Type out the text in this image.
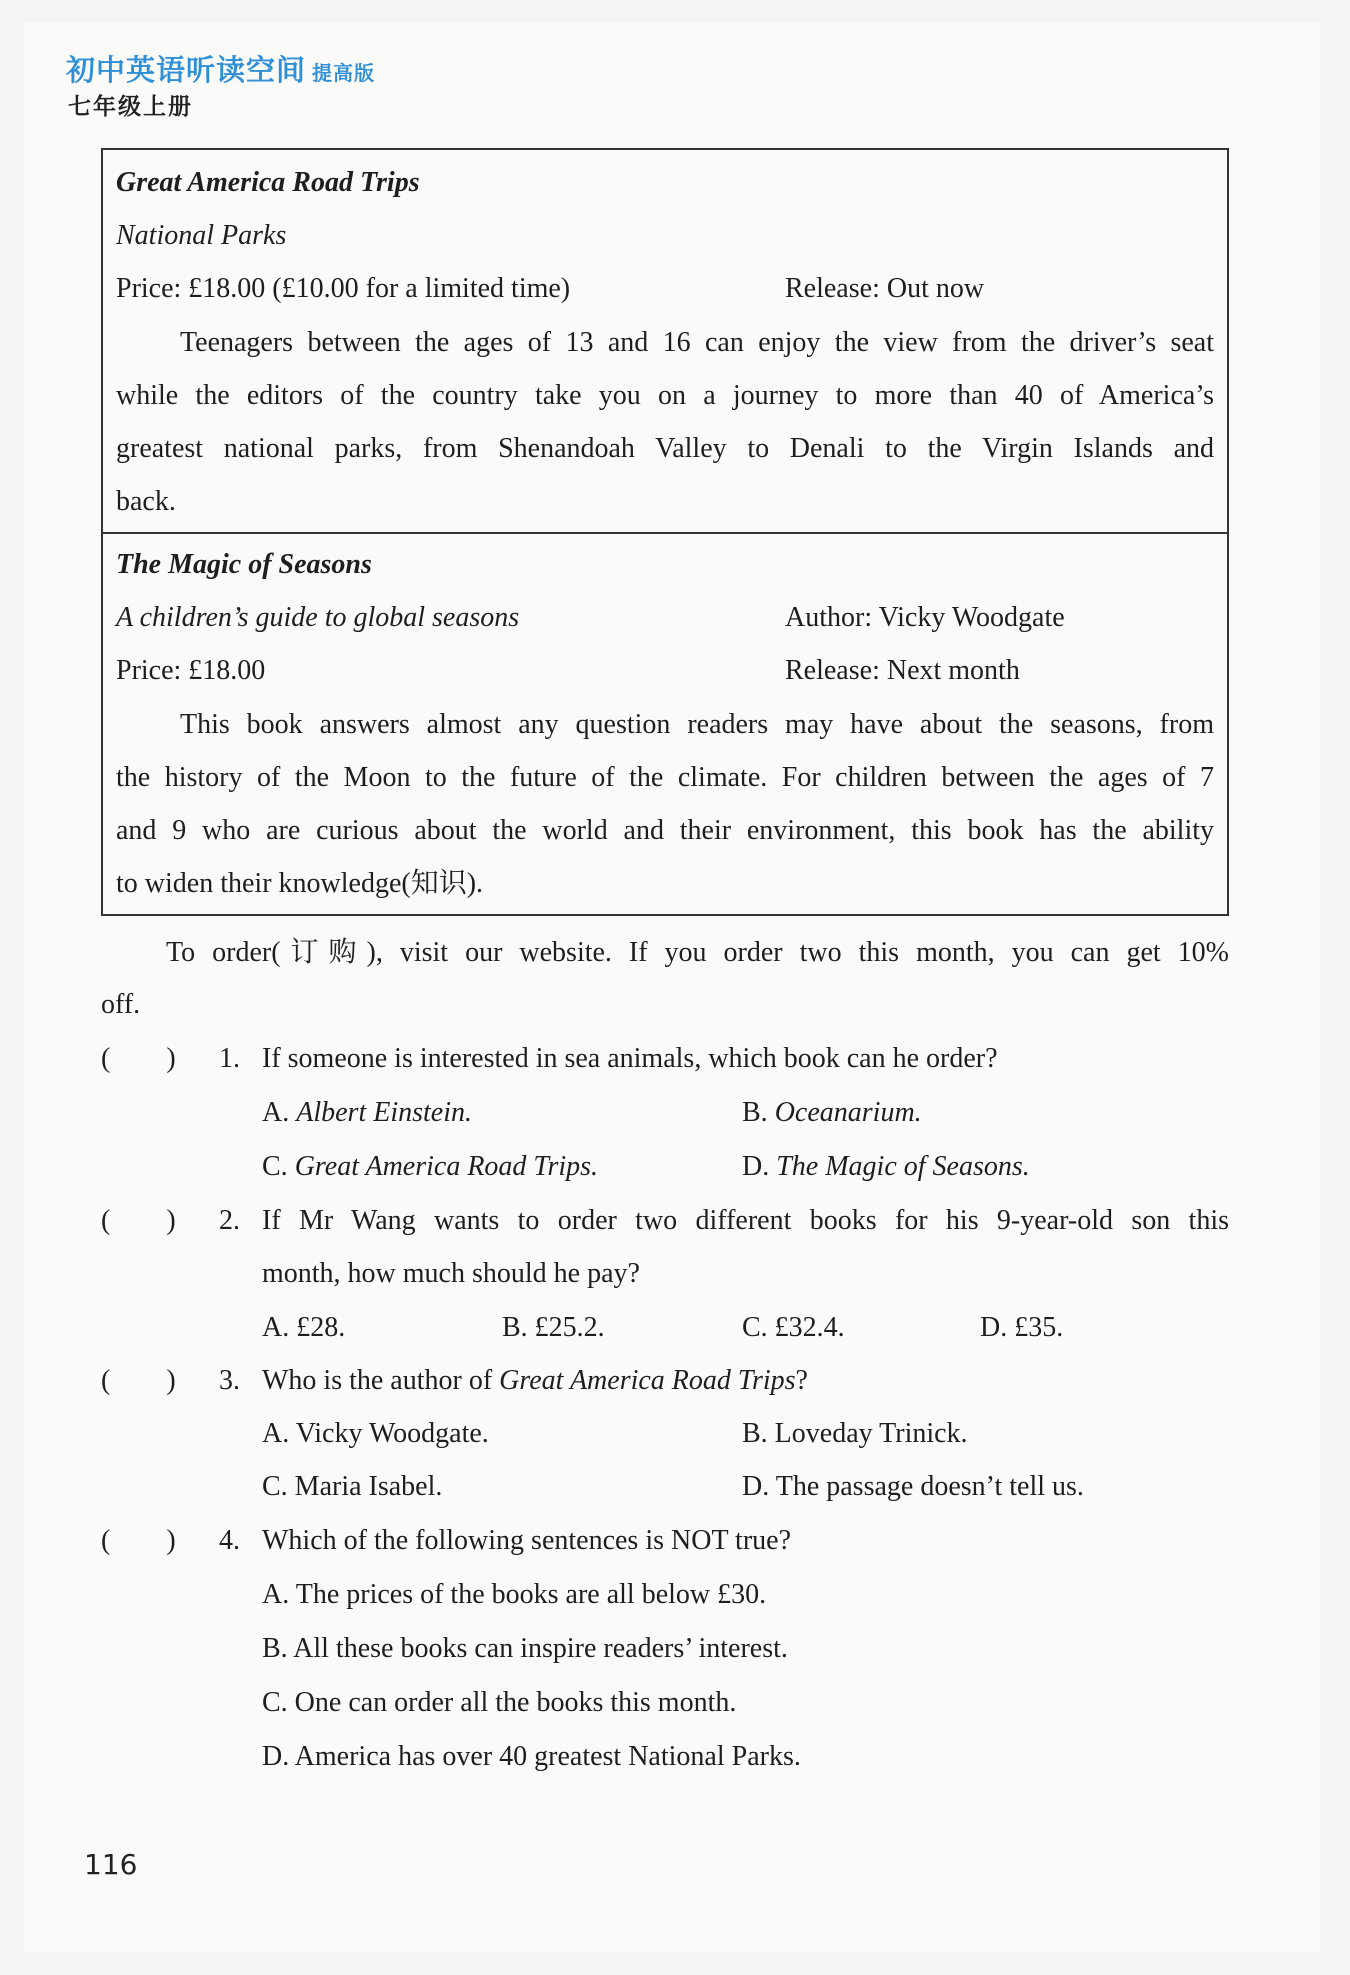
初中英语听读空间 提高版
七年级上册
Great America Road Trips
National Parks
Price: £18.00 (£10.00 for a limited time)	Release: Out now
Teenagers between the ages of 13 and 16 can enjoy the view from the driver’s seat
while the editors of the country take you on a journey to more than 40 of America’s
greatest national parks, from Shenandoah Valley to Denali to the Virgin Islands and
back.
The Magic of Seasons
A children’s guide to global seasons	Author: Vicky Woodgate
Price: £18.00	Release: Next month
This book answers almost any question readers may have about the seasons, from
the history of the Moon to the future of the climate. For children between the ages of 7
and 9 who are curious about the world and their environment, this book has the ability
to widen their knowledge(知识).
To order(订购), visit our website. If you order two this month, you can get 10%
off.
(　　) 1. If someone is interested in sea animals, which book can he order?
A. Albert Einstein.	B. Oceanarium.
C. Great America Road Trips.	D. The Magic of Seasons.
(　　) 2. If Mr Wang wants to order two different books for his 9-year-old son this
month, how much should he pay?
A. £28.	B. £25.2.	C. £32.4.	D. £35.
(　　) 3. Who is the author of Great America Road Trips?
A. Vicky Woodgate.	B. Loveday Trinick.
C. Maria Isabel.	D. The passage doesn’t tell us.
(　　) 4. Which of the following sentences is NOT true?
A. The prices of the books are all below £30.
B. All these books can inspire readers’ interest.
C. One can order all the books this month.
D. America has over 40 greatest National Parks.
116
